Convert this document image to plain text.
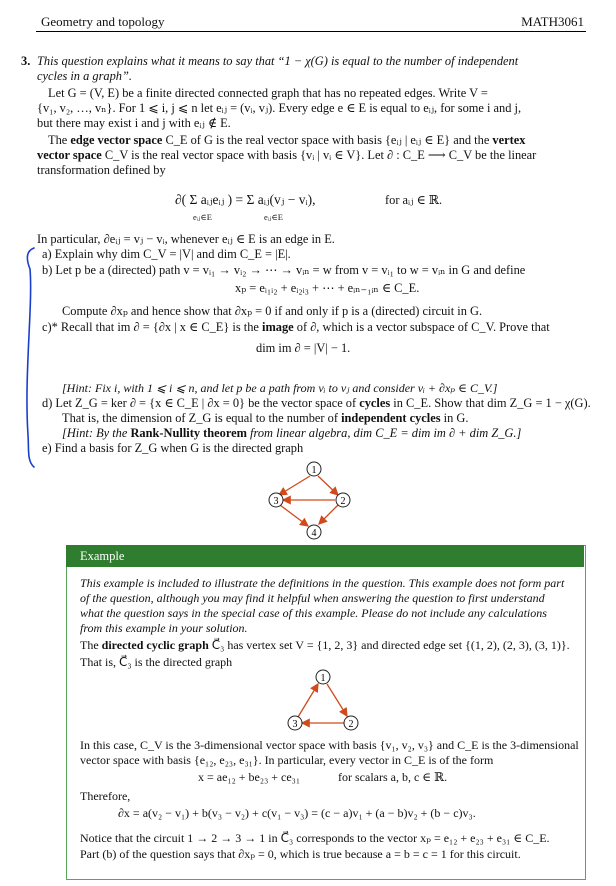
Geometry and topology	MATH3061
3. This question explains what it means to say that “1 − χ(G) is equal to the number of independent
cycles in a graph”.
Let G = (V, E) be a finite directed connected graph that has no repeated edges. Write V =
{v₁, v₂, …, vₙ}. For 1 ⩽ i, j ⩽ n let eᵢⱼ = (vᵢ, vⱼ). Every edge e ∈ E is equal to eᵢⱼ, for some i and j,
but there may exist i and j with eᵢⱼ ∉ E.
The edge vector space C_E of G is the real vector space with basis {eᵢⱼ | eᵢⱼ ∈ E} and the vertex
vector space C_V is the real vector space with basis {vᵢ | vᵢ ∈ V}. Let ∂ : C_E ⟶ C_V be the linear
transformation defined by
∂( Σ aᵢⱼeᵢⱼ ) = Σ aᵢⱼ(vⱼ − vᵢ),
eᵢⱼ∈E	eᵢⱼ∈E
for aᵢⱼ ∈ ℝ.
In particular, ∂eᵢⱼ = vⱼ − vᵢ, whenever eᵢⱼ ∈ E is an edge in E.
a) Explain why dim C_V = |V| and dim C_E = |E|.
b) Let p be a (directed) path v = vᵢ₁ → vᵢ₂ → ⋯ → vᵢₙ = w from v = vᵢ₁ to w = vᵢₙ in G and define
xₚ = eᵢ₁ᵢ₂ + eᵢ₂ᵢ₃ + ⋯ + eᵢₙ₋₁ᵢₙ ∈ C_E.
Compute ∂xₚ and hence show that ∂xₚ = 0 if and only if p is a (directed) circuit in G.
c)* Recall that im ∂ = {∂x | x ∈ C_E} is the image of ∂, which is a vector subspace of C_V. Prove that
dim im ∂ = |V| − 1.
[Hint: Fix i, with 1 ⩽ i ⩽ n, and let p be a path from vᵢ to vⱼ and consider vᵢ + ∂xₚ ∈ C_V.]
d) Let Z_G = ker ∂ = {x ∈ C_E | ∂x = 0} be the vector space of cycles in C_E. Show that dim Z_G = 1 − χ(G).
That is, the dimension of Z_G is equal to the number of independent cycles in G.
[Hint: By the Rank-Nullity theorem from linear algebra, dim C_E = dim im ∂ + dim Z_G.]
e) Find a basis for Z_G when G is the directed graph
1
2
3
4
Example
This example is included to illustrate the definitions in the question. This example does not form part
of the question, although you may find it helpful when answering the question to first understand
what the question says in the special case of this example. Please do not include any calculations
from this example in your solution.
The directed cyclic graph C⃗₃ has vertex set V = {1, 2, 3} and directed edge set {(1, 2), (2, 3), (3, 1)}.
That is, C⃗₃ is the directed graph
1
2
3
In this case, C_V is the 3-dimensional vector space with basis {v₁, v₂, v₃} and C_E is the 3-dimensional
vector space with basis {e₁₂, e₂₃, e₃₁}. In particular, every vector in C_E is of the form
x = ae₁₂ + be₂₃ + ce₃₁	for scalars a, b, c ∈ ℝ.
Therefore,
∂x = a(v₂ − v₁) + b(v₃ − v₂) + c(v₁ − v₃) = (c − a)v₁ + (a − b)v₂ + (b − c)v₃.
Notice that the circuit 1 → 2 → 3 → 1 in C⃗₃ corresponds to the vector xₚ = e₁₂ + e₂₃ + e₃₁ ∈ C_E.
Part (b) of the question says that ∂xₚ = 0, which is true because a = b = c = 1 for this circuit.
